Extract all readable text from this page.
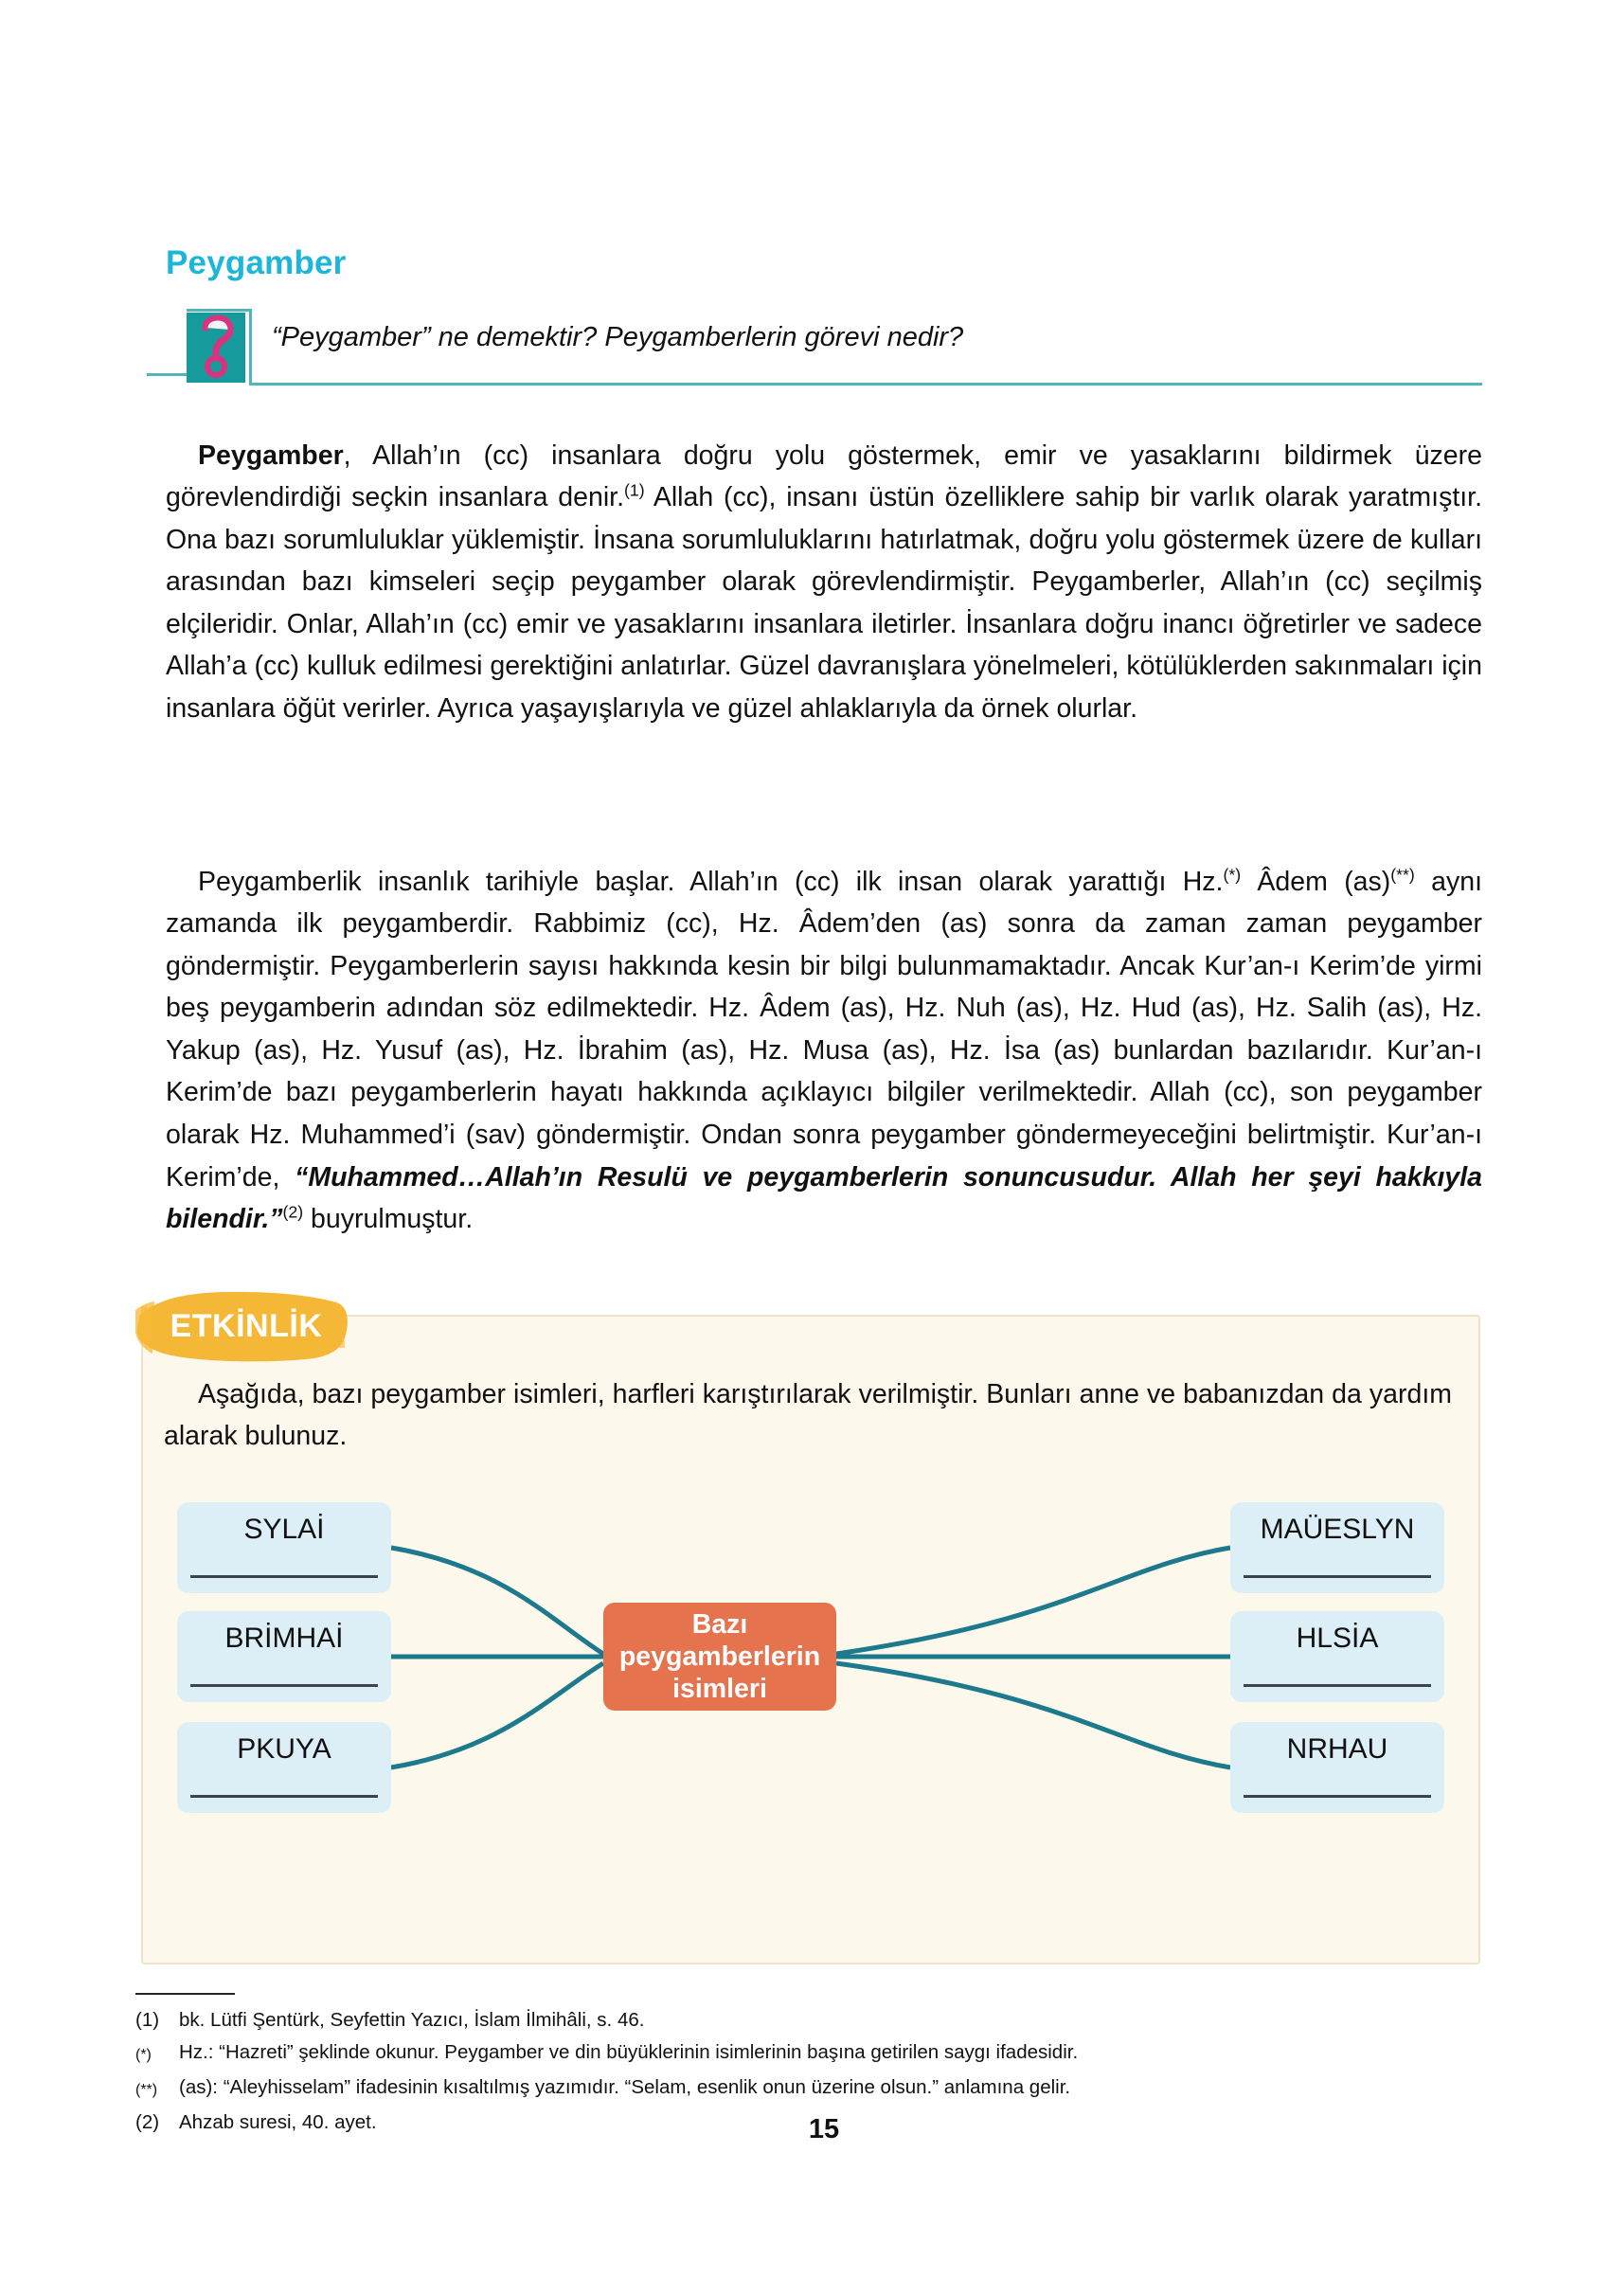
Peygamber
“Peygamber” ne demektir? Peygamberlerin görevi nedir?

Peygamber, Allah’ın (cc) insanlara doğru yolu göstermek, emir ve yasaklarını bildirmek üzere görevlendirdiği seçkin insanlara denir.$^{(1)}$ Allah (cc), insanı üstün özelliklere sahip bir varlık olarak yaratmıştır. Ona bazı sorumluluklar yüklemiştir. İnsana sorumluluklarını hatırlatmak, doğru yolu göstermek üzere de kulları arasından bazı kimseleri seçip peygamber olarak görevlendirmiştir. Peygamberler, Allah’ın (cc) seçilmiş elçileridir. Onlar, Allah’ın (cc) emir ve yasaklarını insanlara iletirler. İnsanlara doğru inancı öğretirler ve sadece Allah’a (cc) kulluk edilmesi gerektiğini anlatırlar. Güzel davranışlara yönelmeleri, kötülüklerden sakınmaları için insanlara öğüt verirler. Ayrıca yaşayışlarıyla ve güzel ahlaklarıyla da örnek olurlar.

Peygamberlik insanlık tarihiyle başlar. Allah’ın (cc) ilk insan olarak yarattığı Hz.(*) Âdem (as)(**) aynı zamanda ilk peygamberdir. Rabbimiz (cc), Hz. Âdem’den (as) sonra da zaman zaman peygamber göndermiştir. Peygamberlerin sayısı hakkında kesin bir bilgi bulunmamaktadır. Ancak Kur’an-ı Kerim’de yirmi beş peygamberin adından söz edilmektedir. Hz. Âdem (as), Hz. Nuh (as), Hz. Hud (as), Hz. Salih (as), Hz. Yakup (as), Hz. Yusuf (as), Hz. İbrahim (as), Hz. Musa (as), Hz. İsa (as) bunlardan bazılarıdır. Kur’an-ı Kerim’de bazı peygamberlerin hayatı hakkında açıklayıcı bilgiler verilmektedir. Allah (cc), son peygamber olarak Hz. Muhammed’i (sav) göndermiştir. Ondan sonra peygamber göndermeyeceğini belirtmiştir. Kur’an-ı Kerim’de, “Muhammed…Allah’ın Resulü ve peygamberlerin sonuncusudur. Allah her şeyi hakkıyla bilendir.”$^{(2)}$ buyrulmuştur.

ETKİNLİK
Aşağıda, bazı peygamber isimleri, harfleri karıştırılarak verilmiştir. Bunları anne ve babanızdan da yardım alarak bulunuz.
SYLAİ
BRİMHAİ
PKUYA
MAÜESLYN
HLSİA
NRHAU
Bazı peygamberlerin isimleri
(1)	bk. Lütfi Şentürk, Seyfettin Yazıcı, İslam İlmihâli, s. 46.
(*)	Hz.: “Hazreti” şeklinde okunur. Peygamber ve din büyüklerinin isimlerinin başına getirilen saygı ifadesidir.
(**)	(as): “Aleyhisselam” ifadesinin kısaltılmış yazımıdır. “Selam, esenlik onun üzerine olsun.” anlamına gelir.
(2)	Ahzab suresi, 40. ayet.	15
